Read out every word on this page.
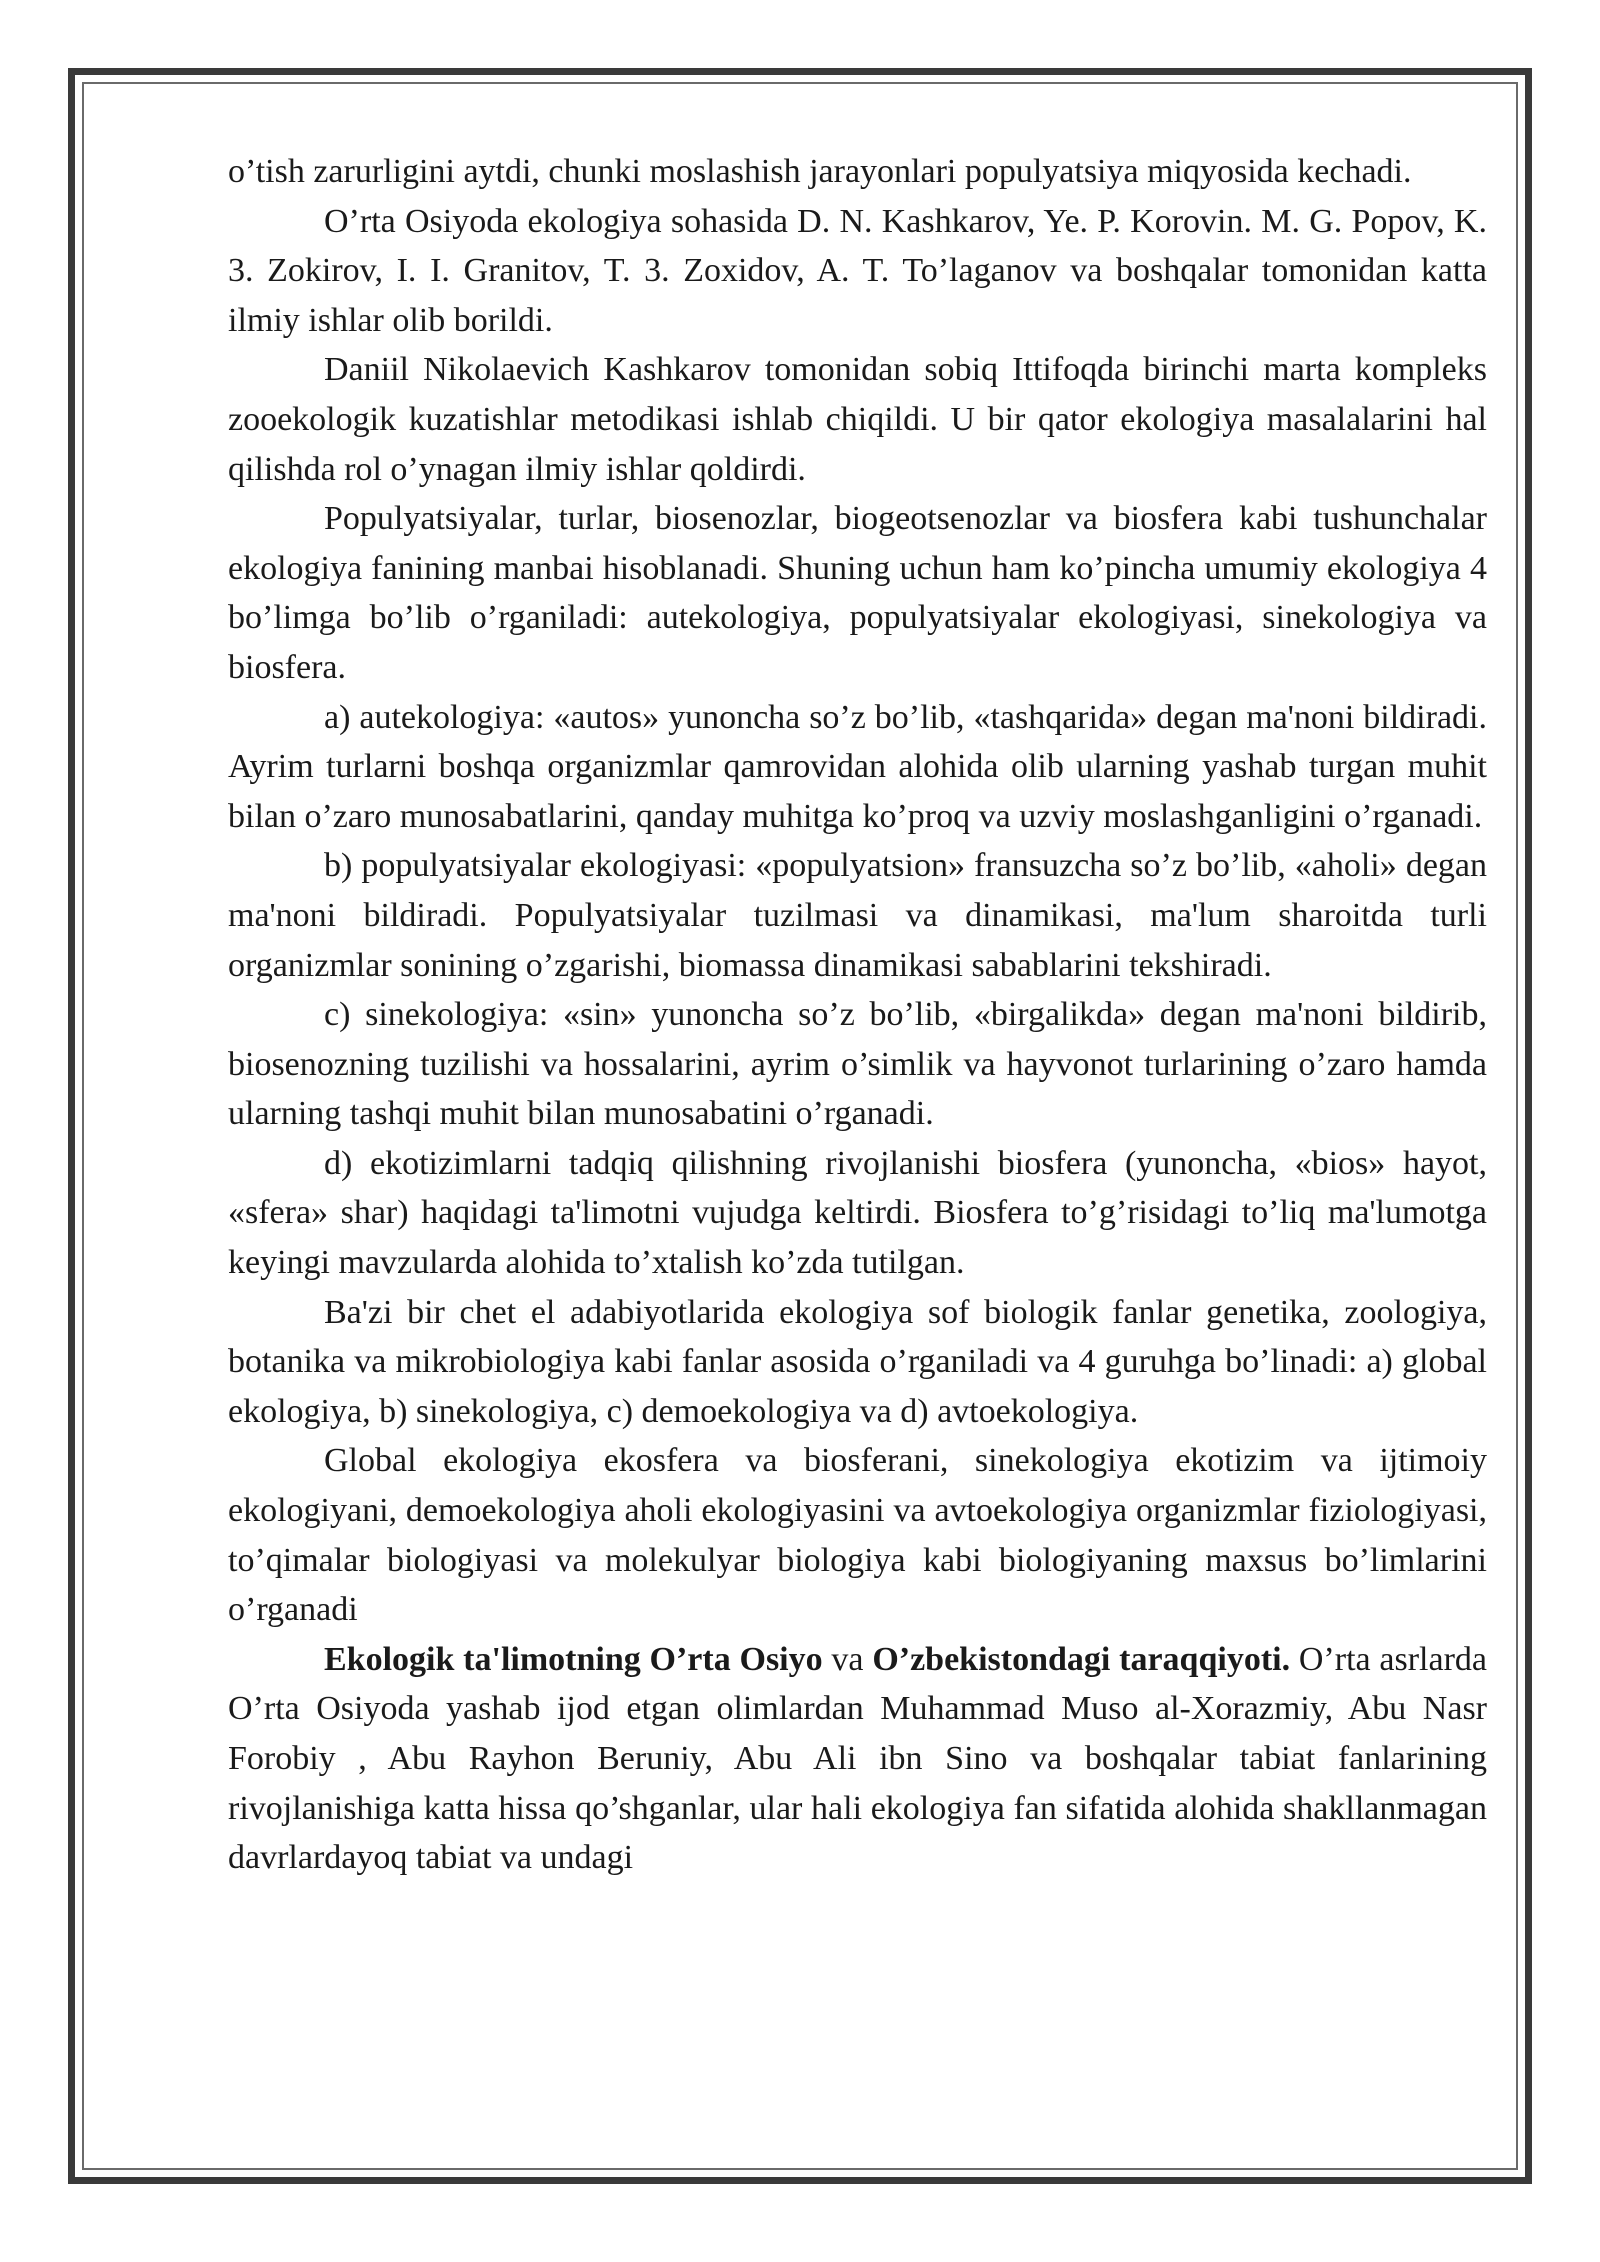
o’tish zarurligini aytdi, chunki moslashish jarayonlari populyatsiya miqyosida kechadi.

O’rta Osiyoda ekologiya sohasida D. N. Kashkarov, Ye. P. Korovin. M. G. Popov, K. 3. Zokirov, I. I. Granitov, T. 3. Zoxidov, A. T. To’laganov va boshqalar tomonidan katta ilmiy ishlar olib borildi.

Daniil Nikolaevich Kashkarov tomonidan sobiq Ittifoqda birinchi marta kompleks zooekologik kuzatishlar metodikasi ishlab chiqildi. U bir qator ekologiya masalalarini hal qilishda rol o’ynagan ilmiy ishlar qoldirdi.

Populyatsiyalar, turlar, biosenozlar, biogeotsenozlar va biosfera kabi tushunchalar ekologiya fanining manbai hisoblanadi. Shuning uchun ham ko’pincha umumiy ekologiya 4 bo’limga bo’lib o’rganiladi: autekologiya, populyatsiyalar ekologiyasi, sinekologiya va biosfera.

a) autekologiya: «autos» yunoncha so’z bo’lib, «tashqarida» degan ma'noni bildiradi. Ayrim turlarni boshqa organizmlar qamrovidan alohida olib ularning yashab turgan muhit bilan o’zaro munosabatlarini, qanday muhitga ko’proq va uzviy moslashganligini o’rganadi.

b) populyatsiyalar ekologiyasi: «populyatsion» fransuzcha so’z bo’lib, «aholi» degan ma'noni bildiradi. Populyatsiyalar tuzilmasi va dinamikasi, ma'lum sharoitda turli organizmlar sonining o’zgarishi, biomassa dinamikasi sabablarini tekshiradi.

c) sinekologiya: «sin» yunoncha so’z bo’lib, «birgalikda» degan ma'noni bildirib, biosenozning tuzilishi va hossalarini, ayrim o’simlik va hayvonot turlarining o’zaro hamda ularning tashqi muhit bilan munosabatini o’rganadi.

d) ekotizimlarni tadqiq qilishning rivojlanishi biosfera (yunoncha, «bios» hayot, «sfera» shar) haqidagi ta'limotni vujudga keltirdi. Biosfera to’g’risidagi to’liq ma'lumotga keyingi mavzularda alohida to’xtalish ko’zda tutilgan.

Ba'zi bir chet el adabiyotlarida ekologiya sof biologik fanlar genetika, zoologiya, botanika va mikrobiologiya kabi fanlar asosida o’rganiladi va 4 guruhga bo’linadi: a) global ekologiya, b) sinekologiya, c) demoekologiya va d) avtoekologiya.

Global ekologiya ekosfera va biosferani, sinekologiya ekotizim va ijtimoiy ekologiyani, demoekologiya aholi ekologiyasini va avtoekologiya organizmlar fiziologiyasi, to’qimalar biologiyasi va molekulyar biologiya kabi biologiyaning maxsus bo’limlarini o’rganadi

Ekologik ta'limotning O’rta Osiyo va O’zbekistondagi taraqqiyoti. O’rta asrlarda O’rta Osiyoda yashab ijod etgan olimlardan Muhammad Muso al-Xorazmiy, Abu Nasr Forobiy , Abu Rayhon Beruniy, Abu Ali ibn Sino va boshqalar tabiat fanlarining rivojlanishiga katta hissa qo’shganlar, ular hali ekologiya fan sifatida alohida shakllanmagan davrlardayoq tabiat va undagi
